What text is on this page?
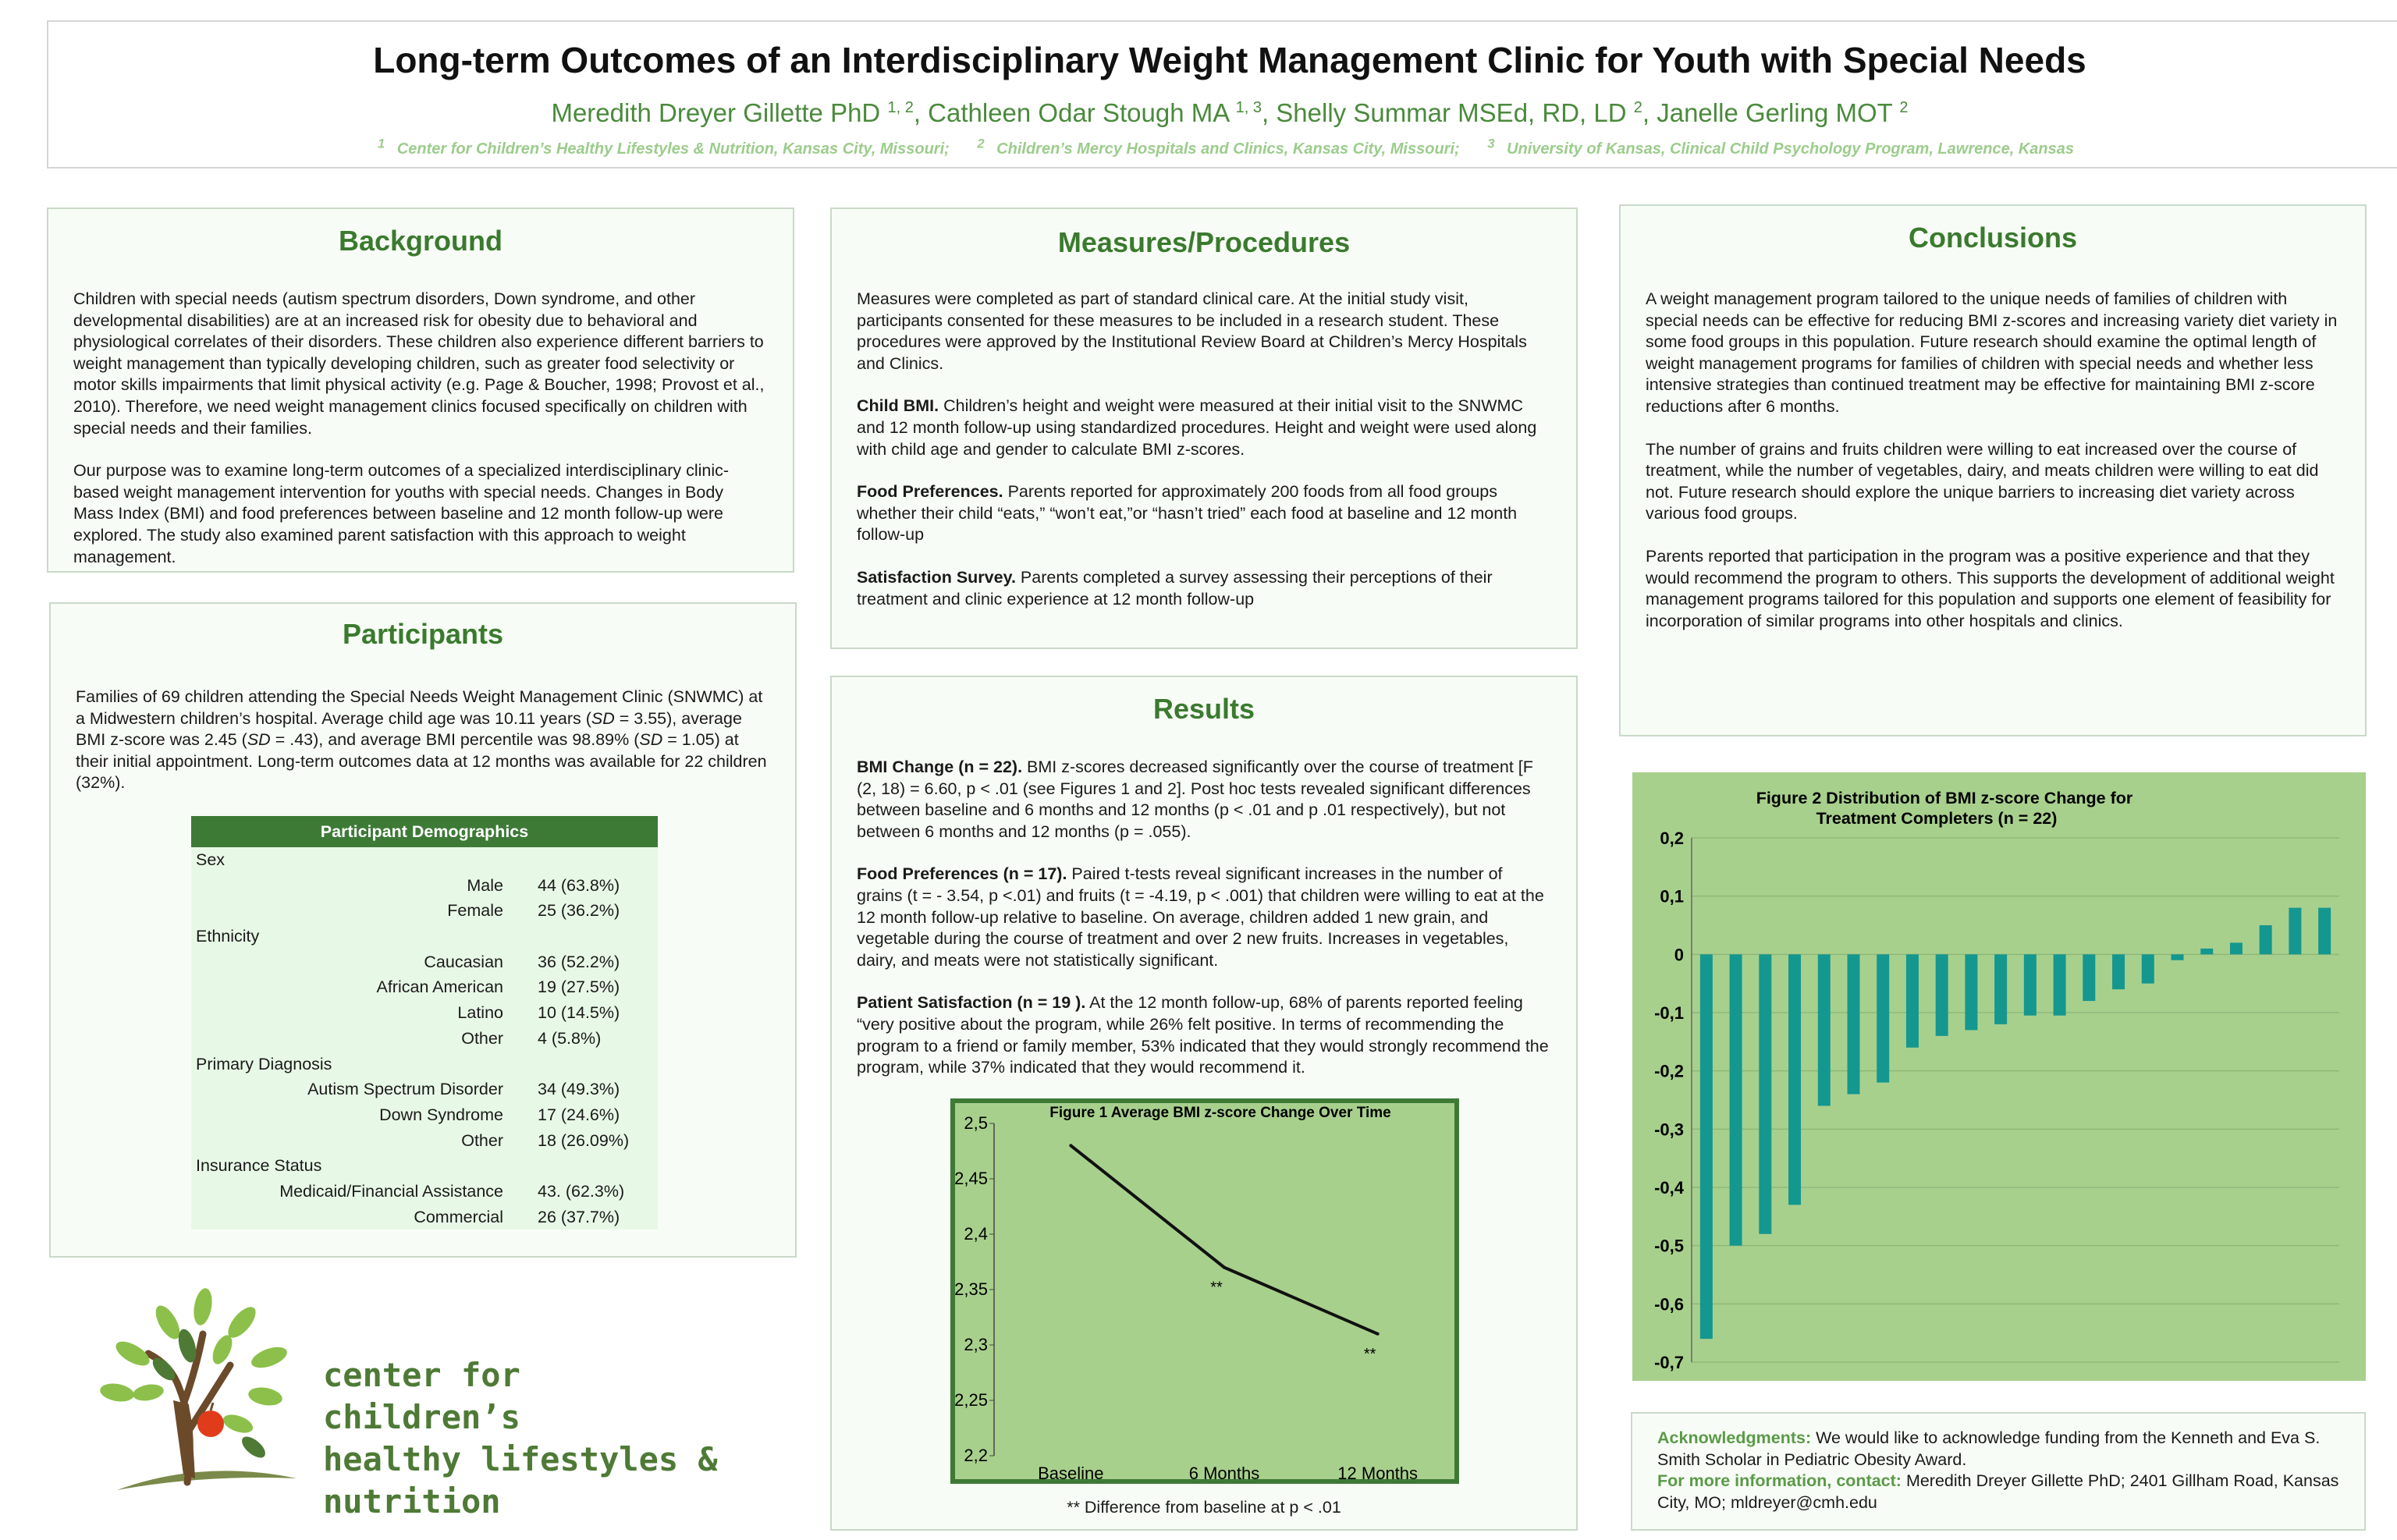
Long-term Outcomes of an Interdisciplinary Weight Management Clinic for Youth with Special Needs
Meredith Dreyer Gillette PhD $^{1, 2}$, Cathleen Odar Stough MA $^{1, 3}$, Shelly Summar MSEd, RD, LD $^2$, Janelle Gerling MOT $^2$
$^1$ Center for Children’s Healthy Lifestyles & Nutrition, Kansas City, Missouri; $^2$ Children’s Mercy Hospitals and Clinics, Kansas City, Missouri; $^3$ University of Kansas, Clinical Child Psychology Program, Lawrence, Kansas
Background

Children with special needs (autism spectrum disorders, Down syndrome, and other developmental disabilities) are at an increased risk for obesity due to behavioral and physiological correlates of their disorders. These children also experience different barriers to weight management than typically developing children, such as greater food selectivity or motor skills impairments that limit physical activity (e.g. Page & Boucher, 1998; Provost et al., 2010). Therefore, we need weight management clinics focused specifically on children with special needs and their families.

Our purpose was to examine long-term outcomes of a specialized interdisciplinary clinic-based weight management intervention for youths with special needs. Changes in Body Mass Index (BMI) and food preferences between baseline and 12 month follow-up were explored. The study also examined parent satisfaction with this approach to weight management.

Participants
Families of 69 children attending the Special Needs Weight Management Clinic (SNWMC) at a Midwestern children’s hospital. Average child age was 10.11 years (SD = 3.55), average BMI z-score was 2.45 (SD = .43), and average BMI percentile was 98.89% (SD = 1.05) at their initial appointment. Long-term outcomes data at 12 months was available for 22 children (32%).
Participant Demographics
Sex
Male	44 (63.8%)
Female	25 (36.2%)
Ethnicity
Caucasian	36 (52.2%)
African American	19 (27.5%)
Latino	10 (14.5%)
Other	4 (5.8%)
Primary Diagnosis
Autism Spectrum Disorder	34 (49.3%)
Down Syndrome	17 (24.6%)
Other	18 (26.09%)
Insurance Status
Medicaid/Financial Assistance	43. (62.3%)
Commercial	26 (37.7%)
center for children’s
healthy lifestyles &
nutrition
Measures/Procedures

Measures were completed as part of standard clinical care. At the initial study visit, participants consented for these measures to be included in a research student. These procedures were approved by the Institutional Review Board at Children’s Mercy Hospitals and Clinics.

Child BMI. Children’s height and weight were measured at their initial visit to the SNWMC and 12 month follow-up using standardized procedures. Height and weight were used along with child age and gender to calculate BMI z-scores.

Food Preferences. Parents reported for approximately 200 foods from all food groups whether their child “eats,” “won’t eat,”or “hasn’t tried” each food at baseline and 12 month follow-up

Satisfaction Survey. Parents completed a survey assessing their perceptions of their treatment and clinic experience at 12 month follow-up

Results

BMI Change (n = 22). BMI z-scores decreased significantly over the course of treatment [F (2, 18) = 6.60, p < .01 (see Figures 1 and 2]. Post hoc tests revealed significant differences between baseline and 6 months and 12 months (p < .01 and p .01 respectively), but not between 6 months and 12 months (p = .055).

Food Preferences (n = 17). Paired t-tests reveal significant increases in the number of grains (t = - 3.54, p <.01) and fruits (t = -4.19, p < .001) that children were willing to eat at the 12 month follow-up relative to baseline. On average, children added 1 new grain, and vegetable during the course of treatment and over 2 new fruits. Increases in vegetables, dairy, and meats were not statistically significant.

Patient Satisfaction (n = 19 ). At the 12 month follow-up, 68% of parents reported feeling “very positive about the program, while 26% felt positive. In terms of recommending the program to a friend or family member, 53% indicated that they would strongly recommend the program, while 37% indicated that they would recommend it.

Figure 1 Average BMI z-score Change Over Time
2,2
2,25
2,3
2,35
2,4
2,45
2,5
Baseline	6 Months	12 Months
**
**
** Difference from baseline at p < .01
Conclusions

A weight management program tailored to the unique needs of families of children with special needs can be effective for reducing BMI z-scores and increasing variety diet variety in some food groups in this population. Future research should examine the optimal length of weight management programs for families of children with special needs and whether less intensive strategies than continued treatment may be effective for maintaining BMI z-score reductions after 6 months.

The number of grains and fruits children were willing to eat increased over the course of treatment, while the number of vegetables, dairy, and meats children were willing to eat did not. Future research should explore the unique barriers to increasing diet variety across various food groups.

Parents reported that participation in the program was a positive experience and that they would recommend the program to others. This supports the development of additional weight management programs tailored for this population and supports one element of feasibility for incorporation of similar programs into other hospitals and clinics.

Figure 2 Distribution of BMI z-score Change for
Treatment Completers (n = 22)
0,2
0,1
0
-0,1
-0,2
-0,3
-0,4
-0,5
-0,6
-0,7
Acknowledgments: We would like to acknowledge funding from the Kenneth and Eva S. Smith Scholar in Pediatric Obesity Award.
For more information, contact: Meredith Dreyer Gillette PhD; 2401 Gillham Road, Kansas City, MO; mldreyer@cmh.edu
